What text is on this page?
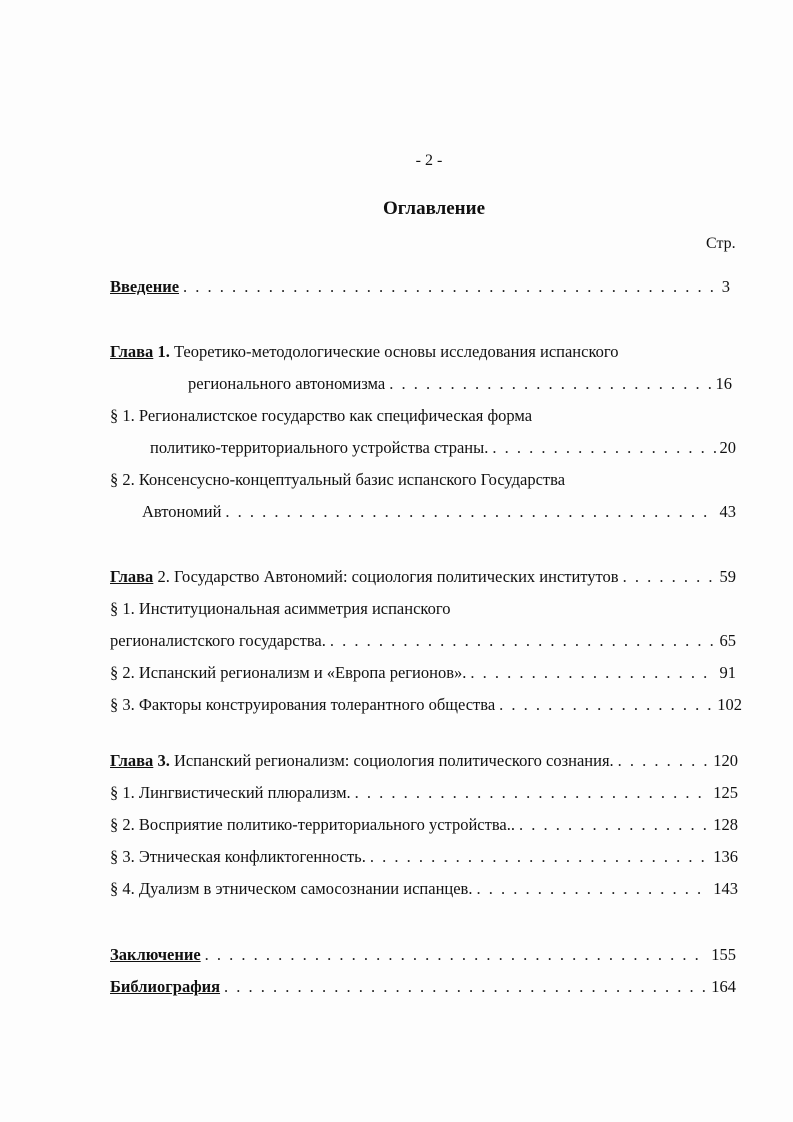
- 2 -
Оглавление
Стр.
Введение . . .	3
Глава 1. Теоретико-методологические основы исследования испанского
регионального автономизма . . .	16
§ 1. Регионалистское государство как специфическая форма
политико-территориального устройства страны. . . .	20
§ 2. Консенсусно-концептуальный базис испанского Государства
Автономий . . .	43
Глава 2. Государство Автономий: социология политических институтов . . .	59
§ 1. Институциональная асимметрия испанского
регионалистского государства. . . .	65
§ 2. Испанский регионализм и «Европа регионов». . . .	91
§ 3. Факторы конструирования толерантного общества . . .	102
Глава 3. Испанский регионализм: социология политического сознания. . . .	120
§ 1. Лингвистический плюрализм. . . .	125
§ 2. Восприятие политико-территориального устройства.. . . .	128
§ 3. Этническая конфликтогенность. . . .	136
§ 4. Дуализм в этническом самосознании испанцев. . . .	143
Заключение . . .	155
Библиография . . .	164
